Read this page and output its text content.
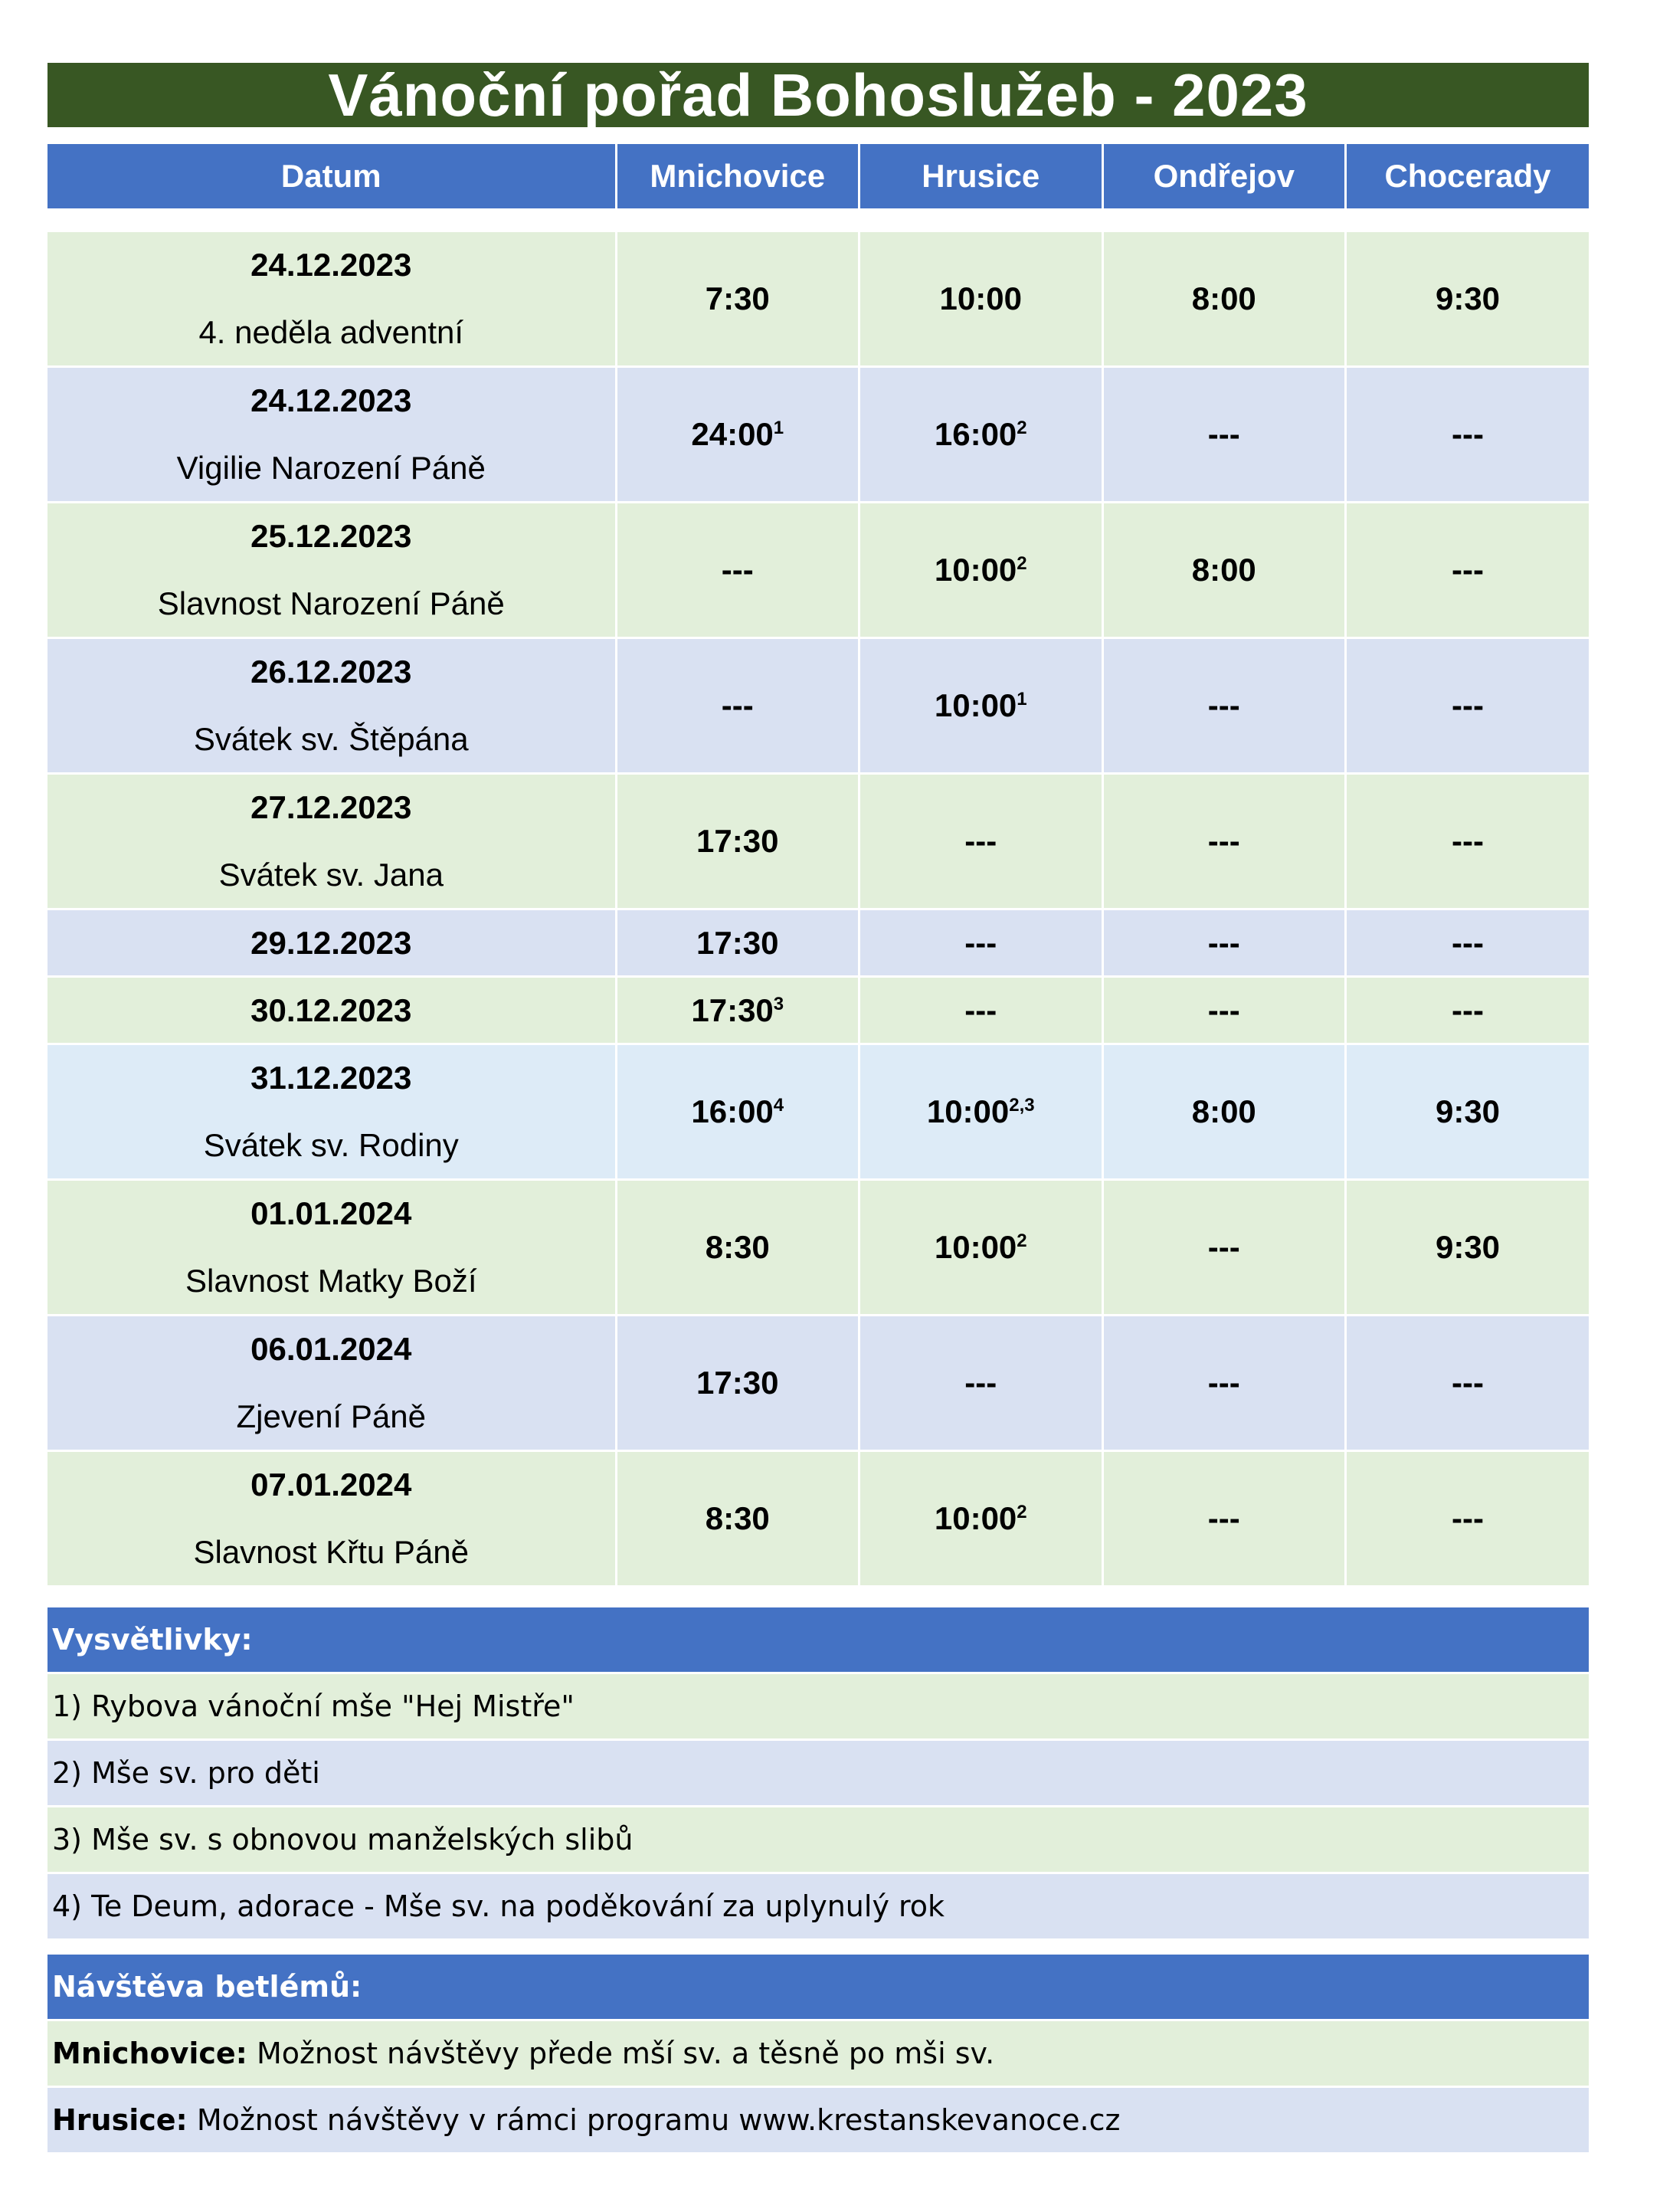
Vánoční pořad Bohoslužeb - 2023
Datum	Mnichovice	Hrusice	Ondřejov	Chocerady

24.12.2023
4. neděla adventní	7:30	10:00	8:00	9:30

24.12.2023
Vigilie Narození Páně	$24:00^1$	$16:00^2$	---	---

25.12.2023
Slavnost Narození Páně	---	$10:00^2$	8:00	---

26.12.2023
Svátek sv. Štěpána	---	$10:00^1$	---	---

27.12.2023
Svátek sv. Jana	17:30	---	---	---

29.12.2023	17:30	---	---	---

30.12.2023	$17:30^3$	---	---	---

31.12.2023
Svátek sv. Rodiny	$16:00^4$	10:00$^{2,3}$	8:00	9:30

01.01.2024
Slavnost Matky Boží	8:30	$10:00^2$	---	9:30

06.01.2024
Zjevení Páně	17:30	---	---	---

07.01.2024
Slavnost Křtu Páně	8:30	$10:00^2$	---	---
Vysvětlivky:
1) Rybova vánoční mše "Hej Mistře"
2) Mše sv. pro děti
3) Mše sv. s obnovou manželských slibů
4) Te Deum, adorace - Mše sv. na poděkování za uplynulý rok
Návštěva betlémů:
Mnichovice: Možnost návštěvy přede mší sv. a těsně po mši sv.
Hrusice: Možnost návštěvy v rámci programu www.krestanskevanoce.cz
